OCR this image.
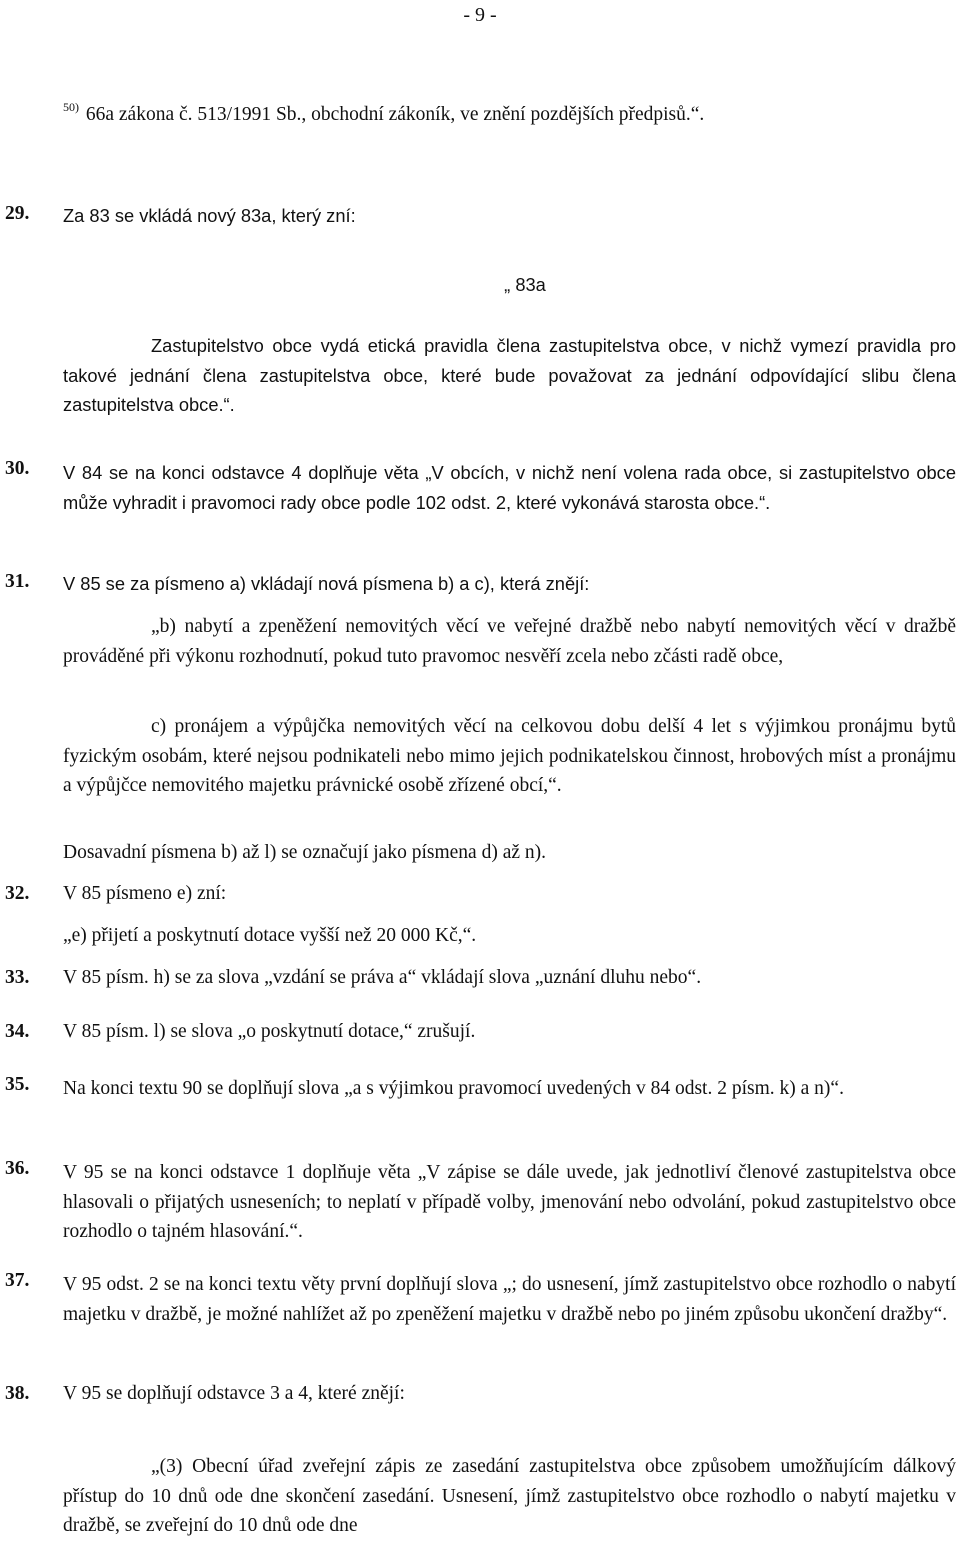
- 9 -
$^{50)}$ 66a zákona č. 513/1991 Sb., obchodní zákoník, ve znění pozdějších předpisů.“.
29. Za 83 se vkládá nový 83a, který zní:
„ 83a
Zastupitelstvo obce vydá etická pravidla člena zastupitelstva obce, v nichž vymezí pravidla pro takové jednání člena zastupitelstva obce, které bude považovat za jednání odpovídající slibu člena zastupitelstva obce.“.
30. V 84 se na konci odstavce 4 doplňuje věta „V obcích, v nichž není volena rada obce, si zastupitelstvo obce může vyhradit i pravomoci rady obce podle 102 odst. 2, které vykonává starosta obce.“.
31. V 85 se za písmeno a) vkládají nová písmena b) a c), která znějí:
„b) nabytí a zpeněžení nemovitých věcí ve veřejné dražbě nebo nabytí nemovitých věcí v dražbě prováděné při výkonu rozhodnutí, pokud tuto pravomoc nesvěří zcela nebo zčásti radě obce,
c) pronájem a výpůjčka nemovitých věcí na celkovou dobu delší 4 let s výjimkou pronájmu bytů fyzickým osobám, které nejsou podnikateli nebo mimo jejich podnikatelskou činnost, hrobových míst a pronájmu a výpůjčce nemovitého majetku právnické osobě zřízené obcí,“.
Dosavadní písmena b) až l) se označují jako písmena d) až n).
32. V 85 písmeno e) zní:
„e) přijetí a poskytnutí dotace vyšší než 20 000 Kč,“.
33. V 85 písm. h) se za slova „vzdání se práva a“ vkládají slova „uznání dluhu nebo“.
34. V 85 písm. l) se slova „o poskytnutí dotace,“ zrušují.
35. Na konci textu 90 se doplňují slova „a s výjimkou pravomocí uvedených v 84 odst. 2 písm. k) a n)“.
36. V 95 se na konci odstavce 1 doplňuje věta „V zápise se dále uvede, jak jednotliví členové zastupitelstva obce hlasovali o přijatých usneseních; to neplatí v případě volby, jmenování nebo odvolání, pokud zastupitelstvo obce rozhodlo o tajném hlasování.“.
37. V 95 odst. 2 se na konci textu věty první doplňují slova „; do usnesení, jímž zastupitelstvo obce rozhodlo o nabytí majetku v dražbě, je možné nahlížet až po zpeněžení majetku v dražbě nebo po jiném způsobu ukončení dražby“.
38. V 95 se doplňují odstavce 3 a 4, které znějí:
„(3) Obecní úřad zveřejní zápis ze zasedání zastupitelstva obce způsobem umožňujícím dálkový přístup do 10 dnů ode dne skončení zasedání. Usnesení, jímž zastupitelstvo obce rozhodlo o nabytí majetku v dražbě, se zveřejní do 10 dnů ode dne
